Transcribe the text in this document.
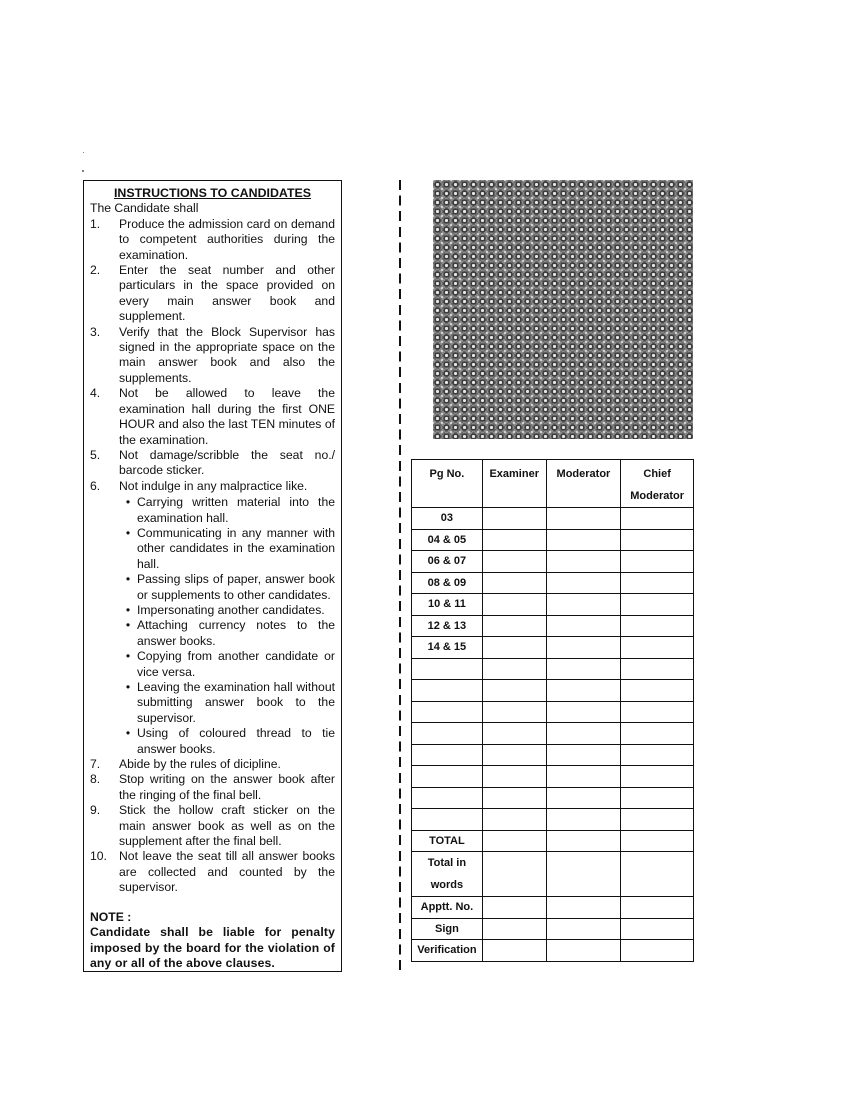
INSTRUCTIONS TO CANDIDATES
The Candidate shall
1.	Produce the admission card on demand to competent authorities during the examination.
2.	Enter the seat number and other particulars in the space provided on every main answer book and supplement.
3.	Verify that the Block Supervisor has signed in the appropriate space on the main answer book and also the supplements.
4.	Not be allowed to leave the examination hall during the first ONE HOUR and also the last TEN minutes of the examination.
5.	Not damage/scribble the seat no./ barcode sticker.
6.	Not indulge in any malpractice like.
• Carrying written material into the examination hall.
• Communicating in any manner with other candidates in the examination hall.
• Passing slips of paper, answer book or supplements to other candidates.
• Impersonating another candidates.
• Attaching currency notes to the answer books.
• Copying from another candidate or vice versa.
• Leaving the examination hall without submitting answer book to the supervisor.
• Using of coloured thread to tie answer books.
7.	Abide by the rules of dicipline.
8.	Stop writing on the answer book after the ringing of the final bell.
9.	Stick the hollow craft sticker on the main answer book as well as on the supplement after the final bell.
10. Not leave the seat till all answer books are collected and counted by the supervisor.
NOTE :
Candidate shall be liable for penalty imposed by the board for the violation of any or all of the above clauses.
Pg No.	Examiner	Moderator	Chief Moderator
03			
04 & 05			
06 & 07			
08 & 09			
10 & 11			
12 & 13			
14 & 15			

TOTAL			
Total in words			
Apptt. No.			
Sign			
Verification			
